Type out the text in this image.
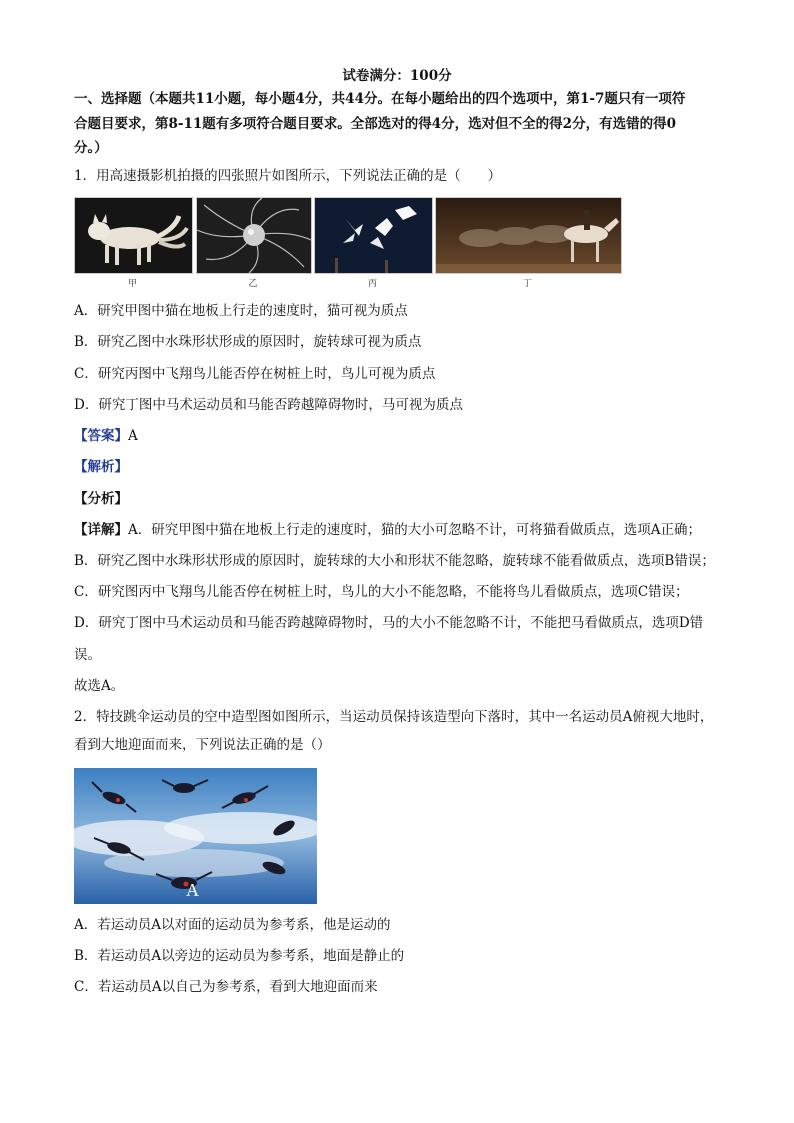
试卷满分：100分
一、选择题（本题共11小题，每小题4分，共44分。在每小题给出的四个选项中，第1-7题只有一项符
合题目要求，第8-11题有多项符合题目要求。全部选对的得4分，选对但不全的得2分，有选错的得0
分。）
1．用高速摄影机拍摄的四张照片如图所示，下列说法正确的是（　　）
甲	乙	丙	丁
A．研究甲图中猫在地板上行走的速度时，猫可视为质点
B．研究乙图中水珠形状形成的原因时，旋转球可视为质点
C．研究丙图中飞翔鸟儿能否停在树桩上时，鸟儿可视为质点
D．研究丁图中马术运动员和马能否跨越障碍物时，马可视为质点
【答案】A
【解析】
【分析】
【详解】A．研究甲图中猫在地板上行走的速度时，猫的大小可忽略不计，可将猫看做质点，选项A正确；
B．研究乙图中水珠形状形成的原因时，旋转球的大小和形状不能忽略，旋转球不能看做质点，选项B错误；
C．研究图丙中飞翔鸟儿能否停在树桩上时，鸟儿的大小不能忽略，不能将鸟儿看做质点，选项C错误；
D．研究丁图中马术运动员和马能否跨越障碍物时，马的大小不能忽略不计，不能把马看做质点，选项D错
误。
故选A。
2．特技跳伞运动员的空中造型图如图所示，当运动员保持该造型向下落时，其中一名运动员A俯视大地时，
看到大地迎面而来，下列说法正确的是（）
A
A．若运动员A以对面的运动员为参考系，他是运动的
B．若运动员A以旁边的运动员为参考系，地面是静止的
C．若运动员A以自己为参考系，看到大地迎面而来
